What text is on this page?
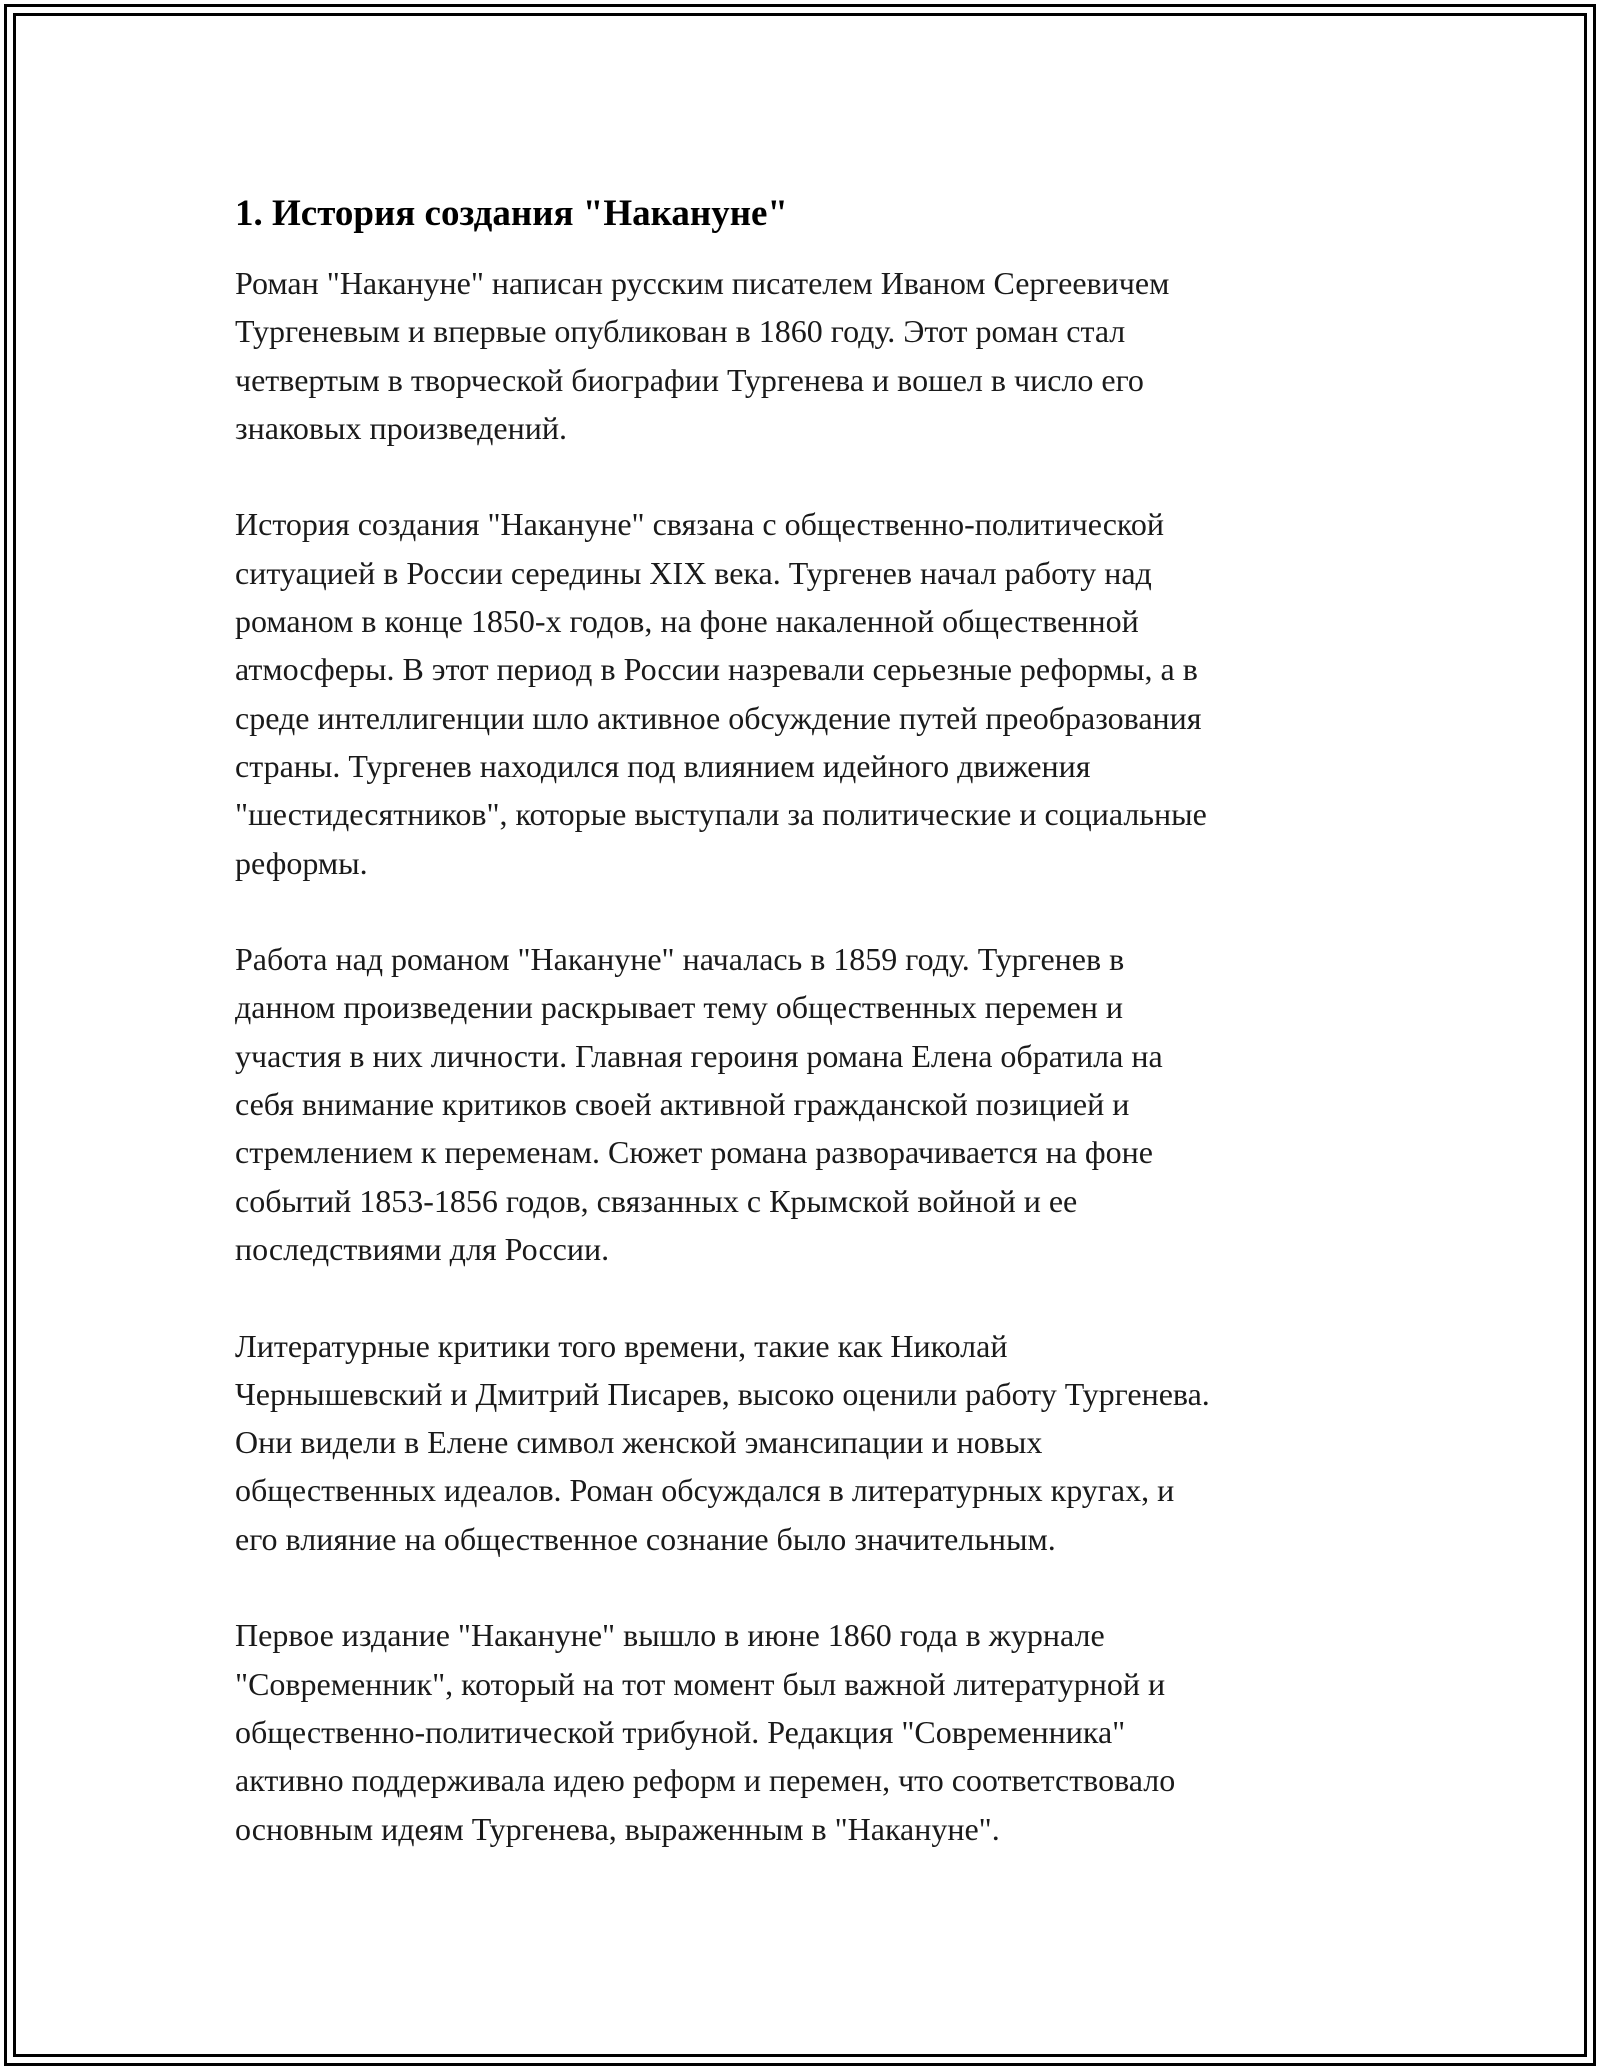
1. История создания "Накануне"

Роман "Накануне" написан русским писателем Иваном Сергеевичем
Тургеневым и впервые опубликован в 1860 году. Этот роман стал
четвертым в творческой биографии Тургенева и вошел в число его
знаковых произведений.

История создания "Накануне" связана с общественно-политической
ситуацией в России середины XIX века. Тургенев начал работу над
романом в конце 1850-х годов, на фоне накаленной общественной
атмосферы. В этот период в России назревали серьезные реформы, а в
среде интеллигенции шло активное обсуждение путей преобразования
страны. Тургенев находился под влиянием идейного движения
"шестидесятников", которые выступали за политические и социальные
реформы.

Работа над романом "Накануне" началась в 1859 году. Тургенев в
данном произведении раскрывает тему общественных перемен и
участия в них личности. Главная героиня романа Елена обратила на
себя внимание критиков своей активной гражданской позицией и
стремлением к переменам. Сюжет романа разворачивается на фоне
событий 1853-1856 годов, связанных с Крымской войной и ее
последствиями для России.

Литературные критики того времени, такие как Николай
Чернышевский и Дмитрий Писарев, высоко оценили работу Тургенева.
Они видели в Елене символ женской эмансипации и новых
общественных идеалов. Роман обсуждался в литературных кругах, и
его влияние на общественное сознание было значительным.

Первое издание "Накануне" вышло в июне 1860 года в журнале
"Современник", который на тот момент был важной литературной и
общественно-политической трибуной. Редакция "Современника"
активно поддерживала идею реформ и перемен, что соответствовало
основным идеям Тургенева, выраженным в "Накануне".
